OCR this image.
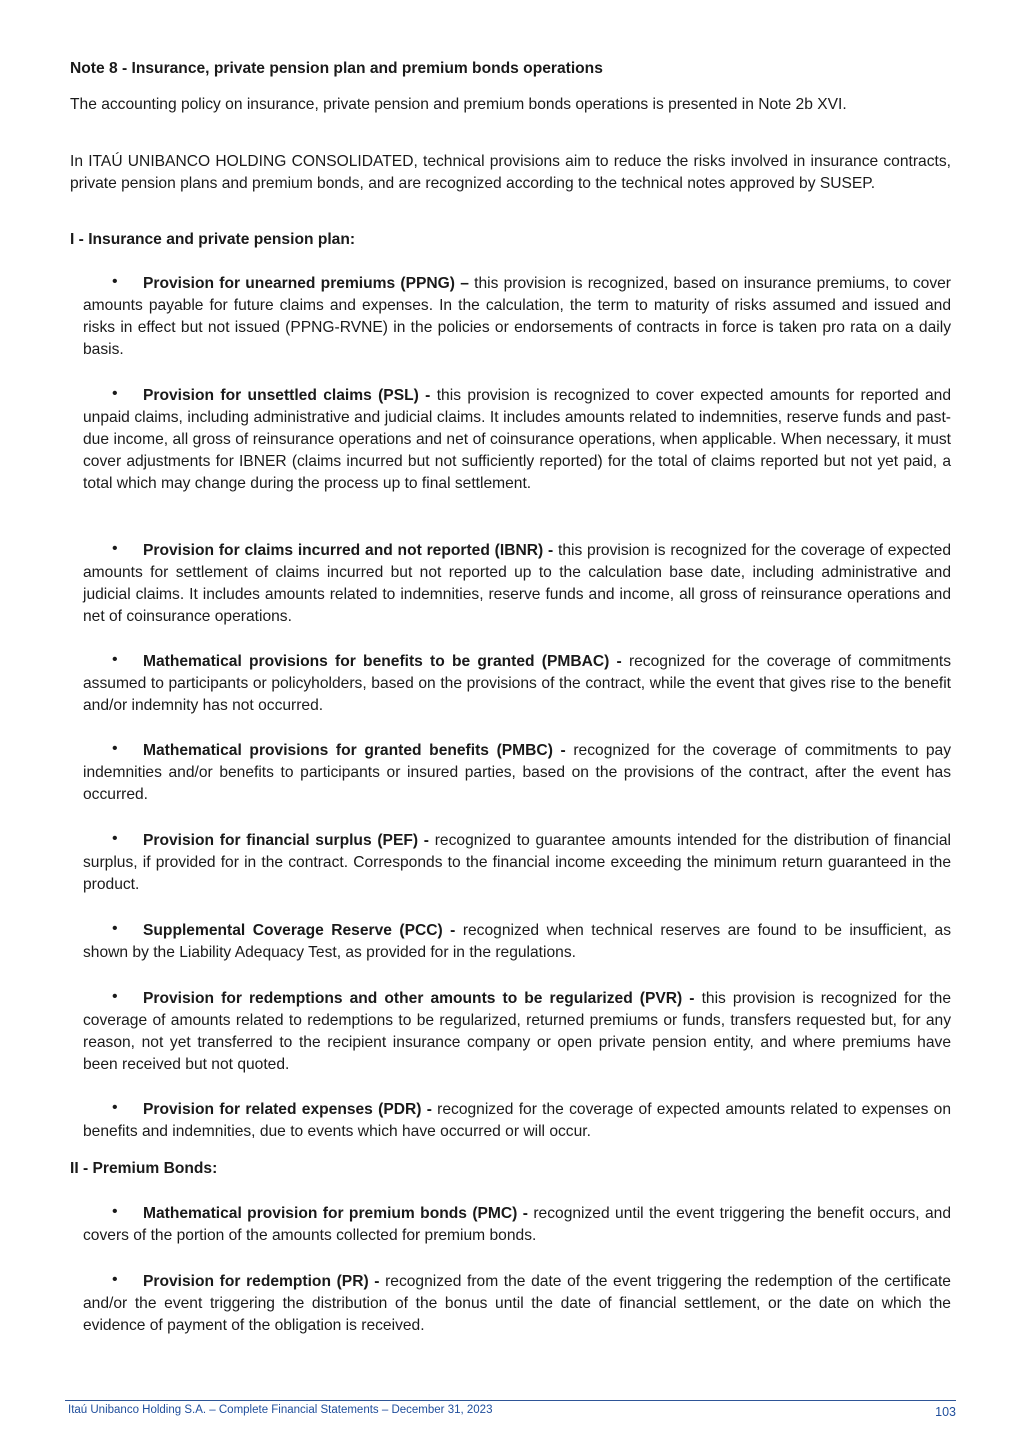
Note 8 - Insurance, private pension plan and premium bonds operations

The accounting policy on insurance, private pension and premium bonds operations is presented in Note 2b XVI.

In ITAÚ UNIBANCO HOLDING CONSOLIDATED, technical provisions aim to reduce the risks involved in insurance contracts, private pension plans and premium bonds, and are recognized according to the technical notes approved by SUSEP.

I - Insurance and private pension plan:

• Provision for unearned premiums (PPNG) – this provision is recognized, based on insurance premiums, to cover amounts payable for future claims and expenses. In the calculation, the term to maturity of risks assumed and issued and risks in effect but not issued (PPNG-RVNE) in the policies or endorsements of contracts in force is taken pro rata on a daily basis.

• Provision for unsettled claims (PSL) - this provision is recognized to cover expected amounts for reported and unpaid claims, including administrative and judicial claims. It includes amounts related to indemnities, reserve funds and past-due income, all gross of reinsurance operations and net of coinsurance operations, when applicable. When necessary, it must cover adjustments for IBNER (claims incurred but not sufficiently reported) for the total of claims reported but not yet paid, a total which may change during the process up to final settlement.

• Provision for claims incurred and not reported (IBNR) - this provision is recognized for the coverage of expected amounts for settlement of claims incurred but not reported up to the calculation base date, including administrative and judicial claims. It includes amounts related to indemnities, reserve funds and income, all gross of reinsurance operations and net of coinsurance operations.

• Mathematical provisions for benefits to be granted (PMBAC) - recognized for the coverage of commitments assumed to participants or policyholders, based on the provisions of the contract, while the event that gives rise to the benefit and/or indemnity has not occurred.

• Mathematical provisions for granted benefits (PMBC) - recognized for the coverage of commitments to pay indemnities and/or benefits to participants or insured parties, based on the provisions of the contract, after the event has occurred.

• Provision for financial surplus (PEF) - recognized to guarantee amounts intended for the distribution of financial surplus, if provided for in the contract. Corresponds to the financial income exceeding the minimum return guaranteed in the product.

• Supplemental Coverage Reserve (PCC) - recognized when technical reserves are found to be insufficient, as shown by the Liability Adequacy Test, as provided for in the regulations.

• Provision for redemptions and other amounts to be regularized (PVR) - this provision is recognized for the coverage of amounts related to redemptions to be regularized, returned premiums or funds, transfers requested but, for any reason, not yet transferred to the recipient insurance company or open private pension entity, and where premiums have been received but not quoted.

• Provision for related expenses (PDR) - recognized for the coverage of expected amounts related to expenses on benefits and indemnities, due to events which have occurred or will occur.

II - Premium Bonds:

• Mathematical provision for premium bonds (PMC) - recognized until the event triggering the benefit occurs, and covers of the portion of the amounts collected for premium bonds.

• Provision for redemption (PR) - recognized from the date of the event triggering the redemption of the certificate and/or the event triggering the distribution of the bonus until the date of financial settlement, or the date on which the evidence of payment of the obligation is received.

Itaú Unibanco Holding S.A. – Complete Financial Statements – December 31, 2023	103
